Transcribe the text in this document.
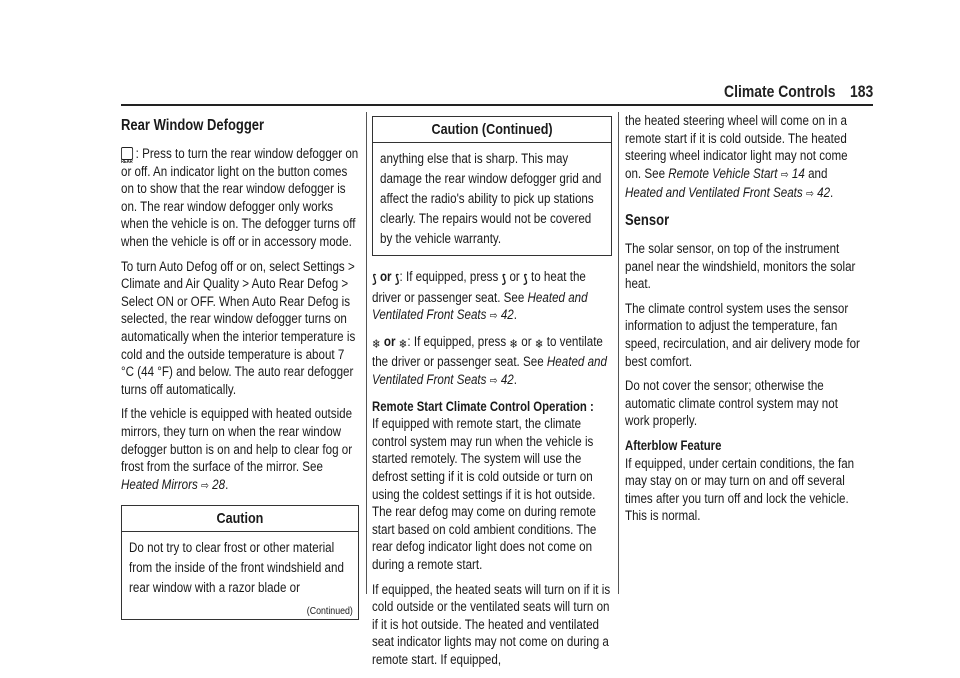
Climate Controls 183
Rear Window Defogger

REAR: Press to turn the rear window defogger on or off. An indicator light on the button comes on to show that the rear window defogger is on. The rear window defogger only works when the vehicle is on. The defogger turns off when the vehicle is off or in accessory mode.

To turn Auto Defog off or on, select Settings > Climate and Air Quality > Auto Rear Defog > Select ON or OFF. When Auto Rear Defog is selected, the rear window defogger turns on automatically when the interior temperature is cold and the outside temperature is about 7 °C (44 °F) and below. The auto rear defogger turns off automatically.

If the vehicle is equipped with heated outside mirrors, they turn on when the rear window defogger button is on and help to clear fog or frost from the surface of the mirror. See Heated Mirrors ⇨ 28.

Caution

Do not try to clear frost or other material from the inside of the front windshield and rear window with a razor blade or

(Continued)
Caution (Continued)

anything else that is sharp. This may damage the rear window defogger grid and affect the radio's ability to pick up stations clearly. The repairs would not be covered by the vehicle warranty.

⟆ or ⟆: If equipped, press ⟆ or ⟆ to heat the driver or passenger seat. See Heated and Ventilated Front Seats ⇨ 42.

❄ or ❄: If equipped, press ❄ or ❄ to ventilate the driver or passenger seat. See Heated and Ventilated Front Seats ⇨ 42.

Remote Start Climate Control Operation :

If equipped with remote start, the climate control system may run when the vehicle is started remotely. The system will use the defrost setting if it is cold outside or turn on using the coldest settings if it is hot outside. The rear defog may come on during remote start based on cold ambient conditions. The rear defog indicator light does not come on during a remote start.

If equipped, the heated seats will turn on if it is cold outside or the ventilated seats will turn on if it is hot outside. The heated and ventilated seat indicator lights may not come on during a remote start. If equipped,

the heated steering wheel will come on in a remote start if it is cold outside. The heated steering wheel indicator light may not come on. See Remote Vehicle Start ⇨ 14 and Heated and Ventilated Front Seats ⇨ 42.

Sensor

The solar sensor, on top of the instrument panel near the windshield, monitors the solar heat.

The climate control system uses the sensor information to adjust the temperature, fan speed, recirculation, and air delivery mode for best comfort.

Do not cover the sensor; otherwise the automatic climate control system may not work properly.

Afterblow Feature

If equipped, under certain conditions, the fan may stay on or may turn on and off several times after you turn off and lock the vehicle. This is normal.
